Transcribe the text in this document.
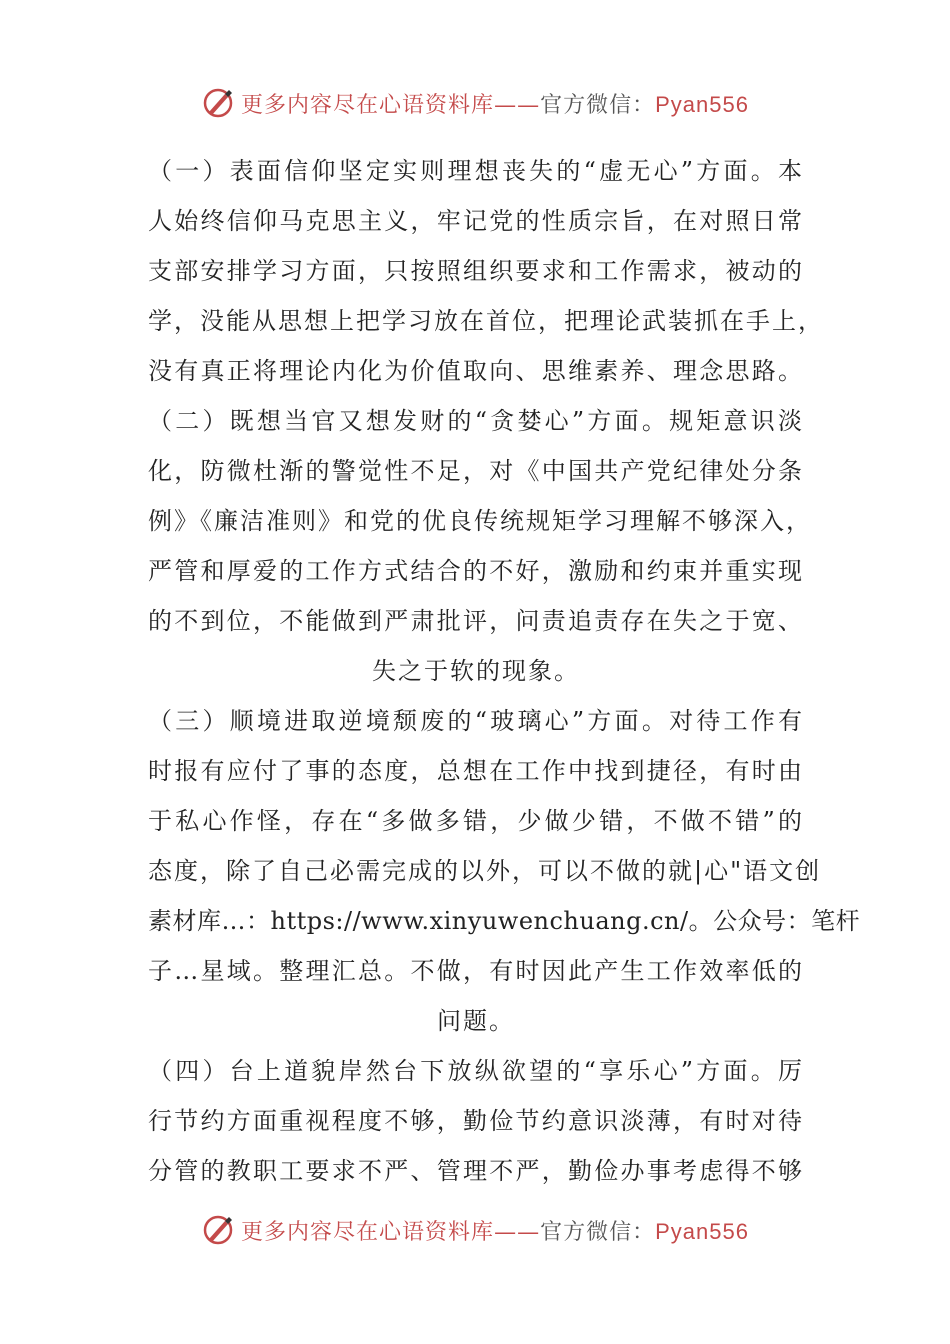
更多内容尽在心语资料库——官方微信：Pyan556
（一）表面信仰坚定实则理想丧失的“虚无心”方面。本
人始终信仰马克思主义，牢记党的性质宗旨，在对照日常
支部安排学习方面，只按照组织要求和工作需求，被动的
学，没能从思想上把学习放在首位，把理论武装抓在手上，
没有真正将理论内化为价值取向、思维素养、理念思路。
（二）既想当官又想发财的“贪婪心”方面。规矩意识淡
化，防微杜渐的警觉性不足，对《中国共产党纪律处分条
例》《廉洁准则》和党的优良传统规矩学习理解不够深入，
严管和厚爱的工作方式结合的不好，激励和约束并重实现
的不到位，不能做到严肃批评，问责追责存在失之于宽、
失之于软的现象。
（三）顺境进取逆境颓废的“玻璃心”方面。对待工作有
时报有应付了事的态度，总想在工作中找到捷径，有时由
于私心作怪，存在“多做多错，少做少错，不做不错”的
态度，除了自己必需完成的以外，可以不做的就|心"语文创
素材库…：https://www.xinyuwenchuang.cn/。公众号：笔杆
子…星域。整理汇总。不做，有时因此产生工作效率低的
问题。
（四）台上道貌岸然台下放纵欲望的“享乐心”方面。厉
行节约方面重视程度不够，勤俭节约意识淡薄，有时对待
分管的教职工要求不严、管理不严，勤俭办事考虑得不够
更多内容尽在心语资料库——官方微信：Pyan556
